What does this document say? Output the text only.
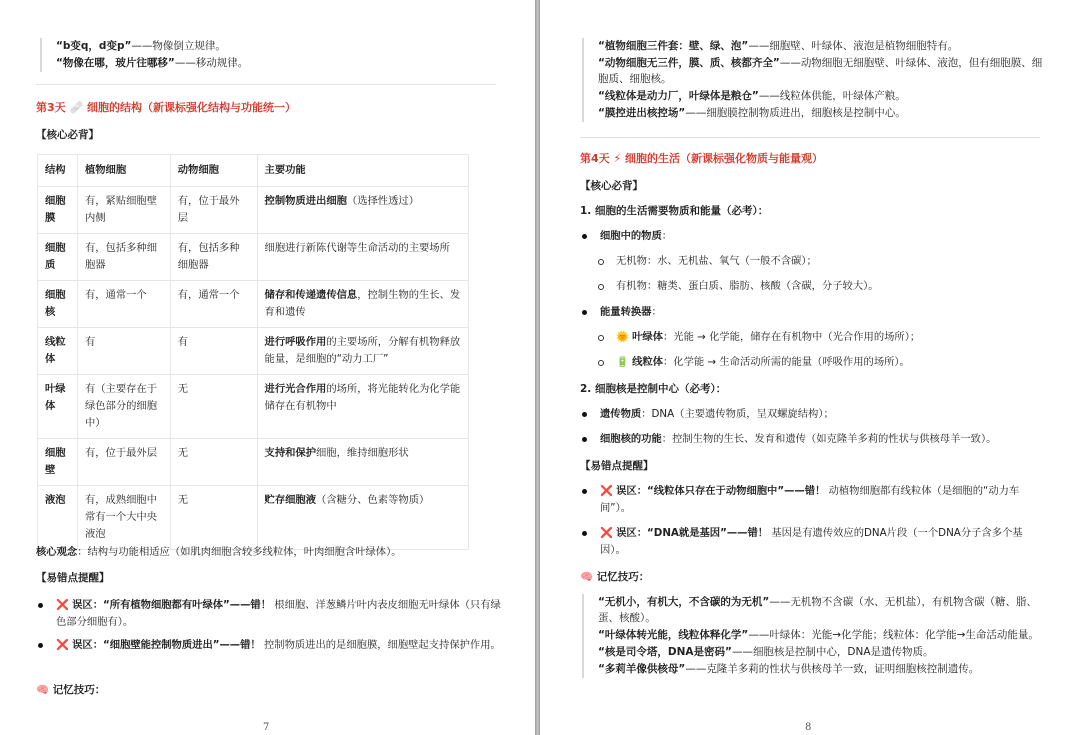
“b变q，d变p”——物像倒立规律。

“物像在哪，玻片往哪移”——移动规律。

第3天 🩹 细胞的结构（新课标强化结构与功能统一）
【核心必背】
结构	植物细胞	动物细胞	主要功能
细胞膜	有，紧贴细胞壁内侧	有，位于最外层	控制物质进出细胞（选择性透过）
细胞质	有，包括多种细胞器	有，包括多种细胞器	细胞进行新陈代谢等生命活动的主要场所
细胞核	有，通常一个	有，通常一个	储存和传递遗传信息，控制生物的生长、发育和遗传
线粒体	有	有	进行呼吸作用的主要场所，分解有机物释放能量，是细胞的“动力工厂”
叶绿体	有（主要存在于绿色部分的细胞中）	无	进行光合作用的场所，将光能转化为化学能储存在有机物中
细胞壁	有，位于最外层	无	支持和保护细胞，维持细胞形状
液泡	有，成熟细胞中常有一个大中央液泡	无	贮存细胞液（含糖分、色素等物质）
核心观念：结构与功能相适应（如肌肉细胞含较多线粒体，叶肉细胞含叶绿体）。
【易错点提醒】
❌ 误区：“所有植物细胞都有叶绿体”——错！ 根细胞、洋葱鳞片叶内表皮细胞无叶绿体（只有绿色部分细胞有）。
❌ 误区：“细胞壁能控制物质进出”——错！ 控制物质进出的是细胞膜，细胞壁起支持保护作用。
🧠 记忆技巧：
7

“植物细胞三件套：壁、绿、泡”——细胞壁、叶绿体、液泡是植物细胞特有。

“动物细胞无三件，膜、质、核都齐全”——动物细胞无细胞壁、叶绿体、液泡，但有细胞膜、细胞质、细胞核。

“线粒体是动力厂，叶绿体是粮仓”——线粒体供能，叶绿体产粮。

“膜控进出核控场”——细胞膜控制物质进出，细胞核是控制中心。

第4天 ⚡ 细胞的生活（新课标强化物质与能量观）
【核心必背】
1. 细胞的生活需要物质和能量（必考）：
细胞中的物质：
无机物：水、无机盐、氧气（一般不含碳）；
有机物：糖类、蛋白质、脂肪、核酸（含碳，分子较大）。
能量转换器：
🌞 叶绿体：光能 → 化学能，储存在有机物中（光合作用的场所）；
🔋 线粒体：化学能 → 生命活动所需的能量（呼吸作用的场所）。
2. 细胞核是控制中心（必考）：
遗传物质：DNA（主要遗传物质，呈双螺旋结构）；
细胞核的功能：控制生物的生长、发育和遗传（如克隆羊多莉的性状与供核母羊一致）。
【易错点提醒】
❌ 误区：“线粒体只存在于动物细胞中”——错！ 动植物细胞都有线粒体（是细胞的“动力车间”）。
❌ 误区：“DNA就是基因”——错！ 基因是有遗传效应的DNA片段（一个DNA分子含多个基因）。
🧠 记忆技巧：

“无机小，有机大，不含碳的为无机”——无机物不含碳（水、无机盐），有机物含碳（糖、脂、蛋、核酸）。

“叶绿体转光能，线粒体释化学”——叶绿体：光能→化学能；线粒体：化学能→生命活动能量。

“核是司令塔，DNA是密码”——细胞核是控制中心，DNA是遗传物质。

“多莉羊像供核母”——克隆羊多莉的性状与供核母羊一致，证明细胞核控制遗传。

8
